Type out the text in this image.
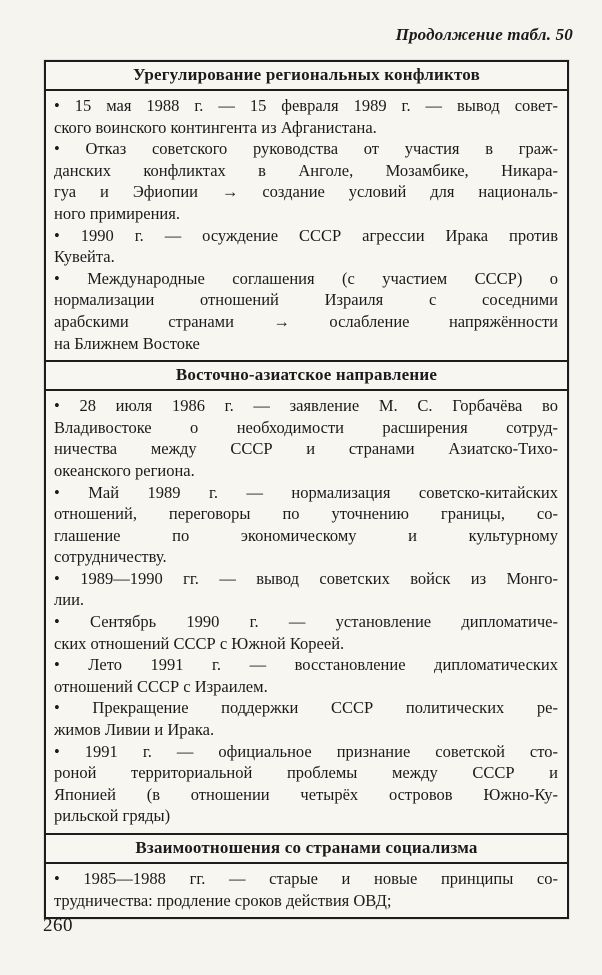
Продолжение табл. 50
Урегулирование региональных конфликтов
• 15 мая 1988 г. — 15 февраля 1989 г. — вывод совет-
ского воинского контингента из Афганистана.
• Отказ советского руководства от участия в граж-
данских конфликтах в Анголе, Мозамбике, Никара-
гуа и Эфиопии → создание условий для националь-
ного примирения.
• 1990 г. — осуждение СССР агрессии Ирака против
Кувейта.
• Международные соглашения (с участием СССР) о
нормализации отношений Израиля с соседними
арабскими странами → ослабление напряжённости
на Ближнем Востоке
Восточно-азиатское направление
• 28 июля 1986 г. — заявление М. С. Горбачёва во
Владивостоке о необходимости расширения сотруд-
ничества между СССР и странами Азиатско-Тихо-
океанского региона.
• Май 1989 г. — нормализация советско-китайских
отношений, переговоры по уточнению границы, со-
глашение по экономическому и культурному
сотрудничеству.
• 1989—1990 гг. — вывод советских войск из Монго-
лии.
• Сентябрь 1990 г. — установление дипломатиче-
ских отношений СССР с Южной Кореей.
• Лето 1991 г. — восстановление дипломатических
отношений СССР с Израилем.
• Прекращение поддержки СССР политических ре-
жимов Ливии и Ирака.
• 1991 г. — официальное признание советской сто-
роной территориальной проблемы между СССР и
Японией (в отношении четырёх островов Южно-Ку-
рильской гряды)
Взаимоотношения со странами социализма
• 1985—1988 гг. — старые и новые принципы со-
трудничества: продление сроков действия ОВД;
260
